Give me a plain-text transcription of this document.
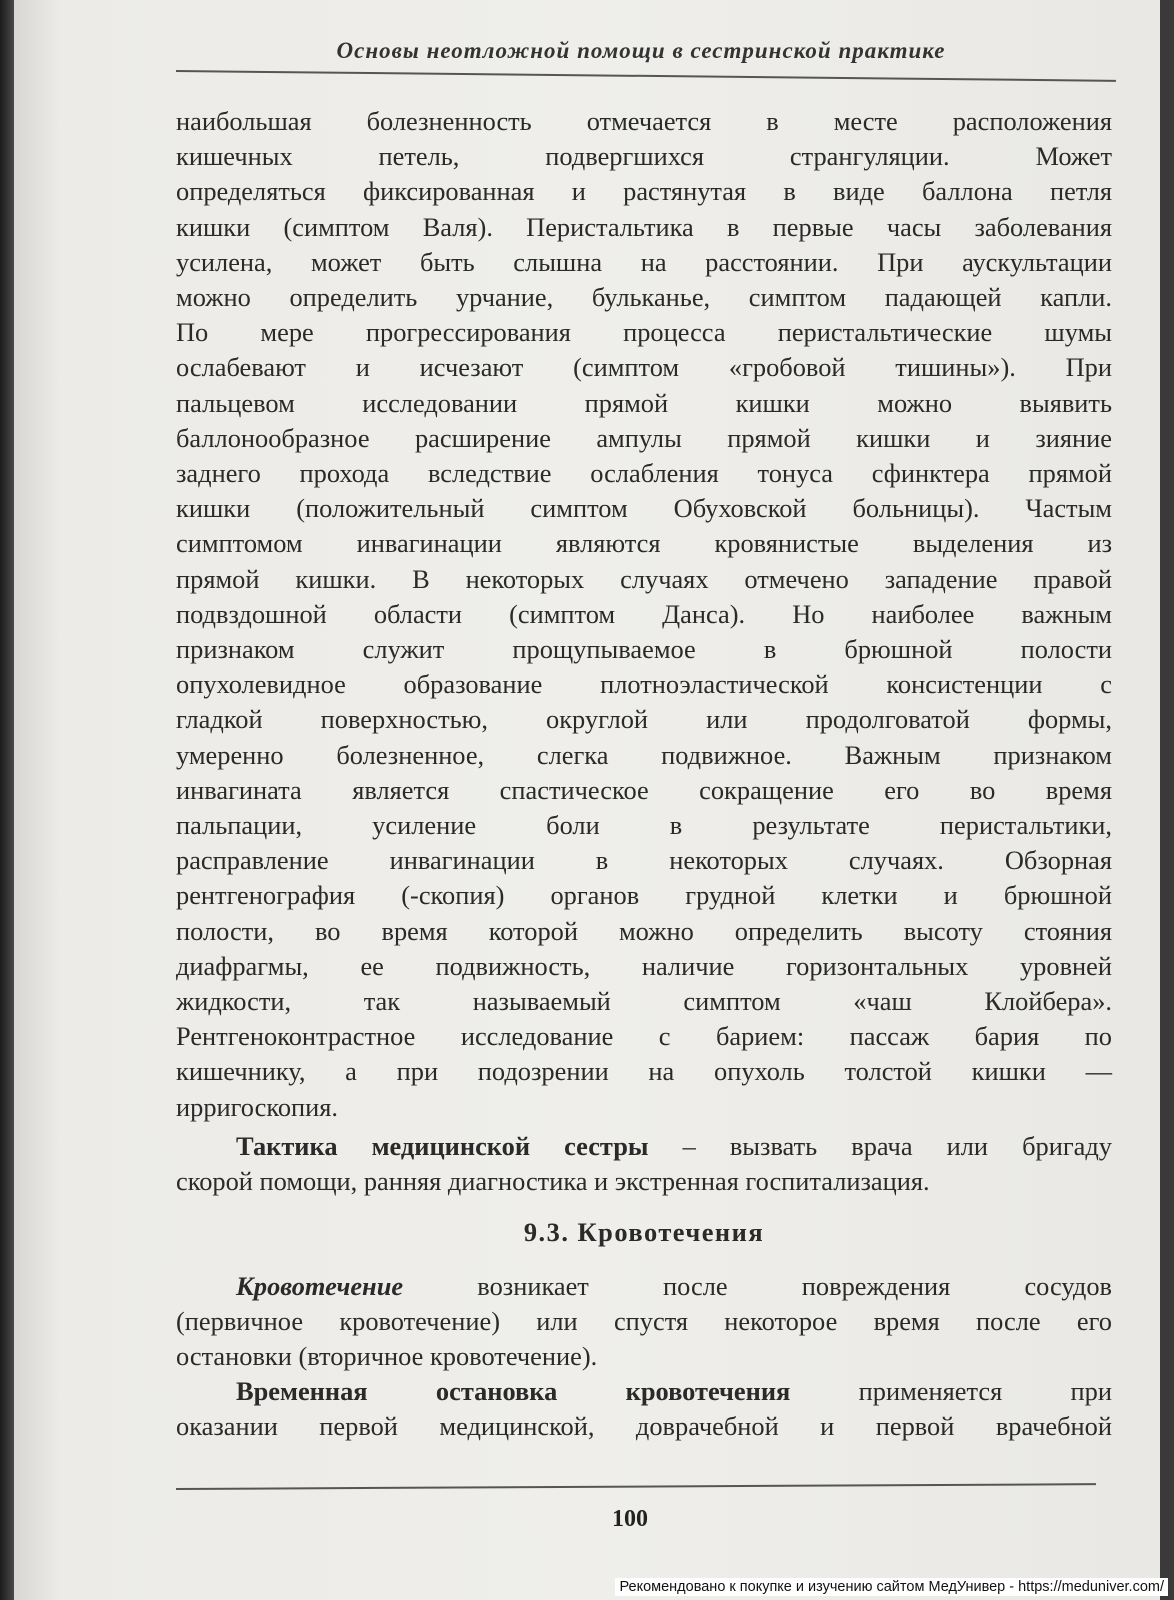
Основы неотложной помощи в сестринской практике
наибольшая болезненность отмечается в месте расположения
кишечных петель, подвергшихся странгуляции. Может
определяться фиксированная и растянутая в виде баллона петля
кишки (симптом Валя). Перистальтика в первые часы заболевания
усилена, может быть слышна на расстоянии. При аускультации
можно определить урчание, бульканье, симптом падающей капли.
По мере прогрессирования процесса перистальтические шумы
ослабевают и исчезают (симптом «гробовой тишины»). При
пальцевом исследовании прямой кишки можно выявить
баллонообразное расширение ампулы прямой кишки и зияние
заднего прохода вследствие ослабления тонуса сфинктера прямой
кишки (положительный симптом Обуховской больницы). Частым
симптомом инвагинации являются кровянистые выделения из
прямой кишки. В некоторых случаях отмечено западение правой
подвздошной области (симптом Данса). Но наиболее важным
признаком служит прощупываемое в брюшной полости
опухолевидное образование плотноэластической консистенции с
гладкой поверхностью, округлой или продолговатой формы,
умеренно болезненное, слегка подвижное. Важным признаком
инвагината является спастическое сокращение его во время
пальпации, усиление боли в результате перистальтики,
расправление инвагинации в некоторых случаях. Обзорная
рентгенография (-скопия) органов грудной клетки и брюшной
полости, во время которой можно определить высоту стояния
диафрагмы, ее подвижность, наличие горизонтальных уровней
жидкости, так называемый симптом «чаш Клойбера».
Рентгеноконтрастное исследование с барием: пассаж бария по
кишечнику, а при подозрении на опухоль толстой кишки —
ирригоскопия.
Тактика медицинской сестры – вызвать врача или бригаду
скорой помощи, ранняя диагностика и экстренная госпитализация.
9.3. Кровотечения
Кровотечение возникает после повреждения сосудов
(первичное кровотечение) или спустя некоторое время после его
остановки (вторичное кровотечение).
Временная остановка кровотечения применяется при
оказании первой медицинской, доврачебной и первой врачебной
100
Рекомендовано к покупке и изучению сайтом МедУнивер - https://meduniver.com/
